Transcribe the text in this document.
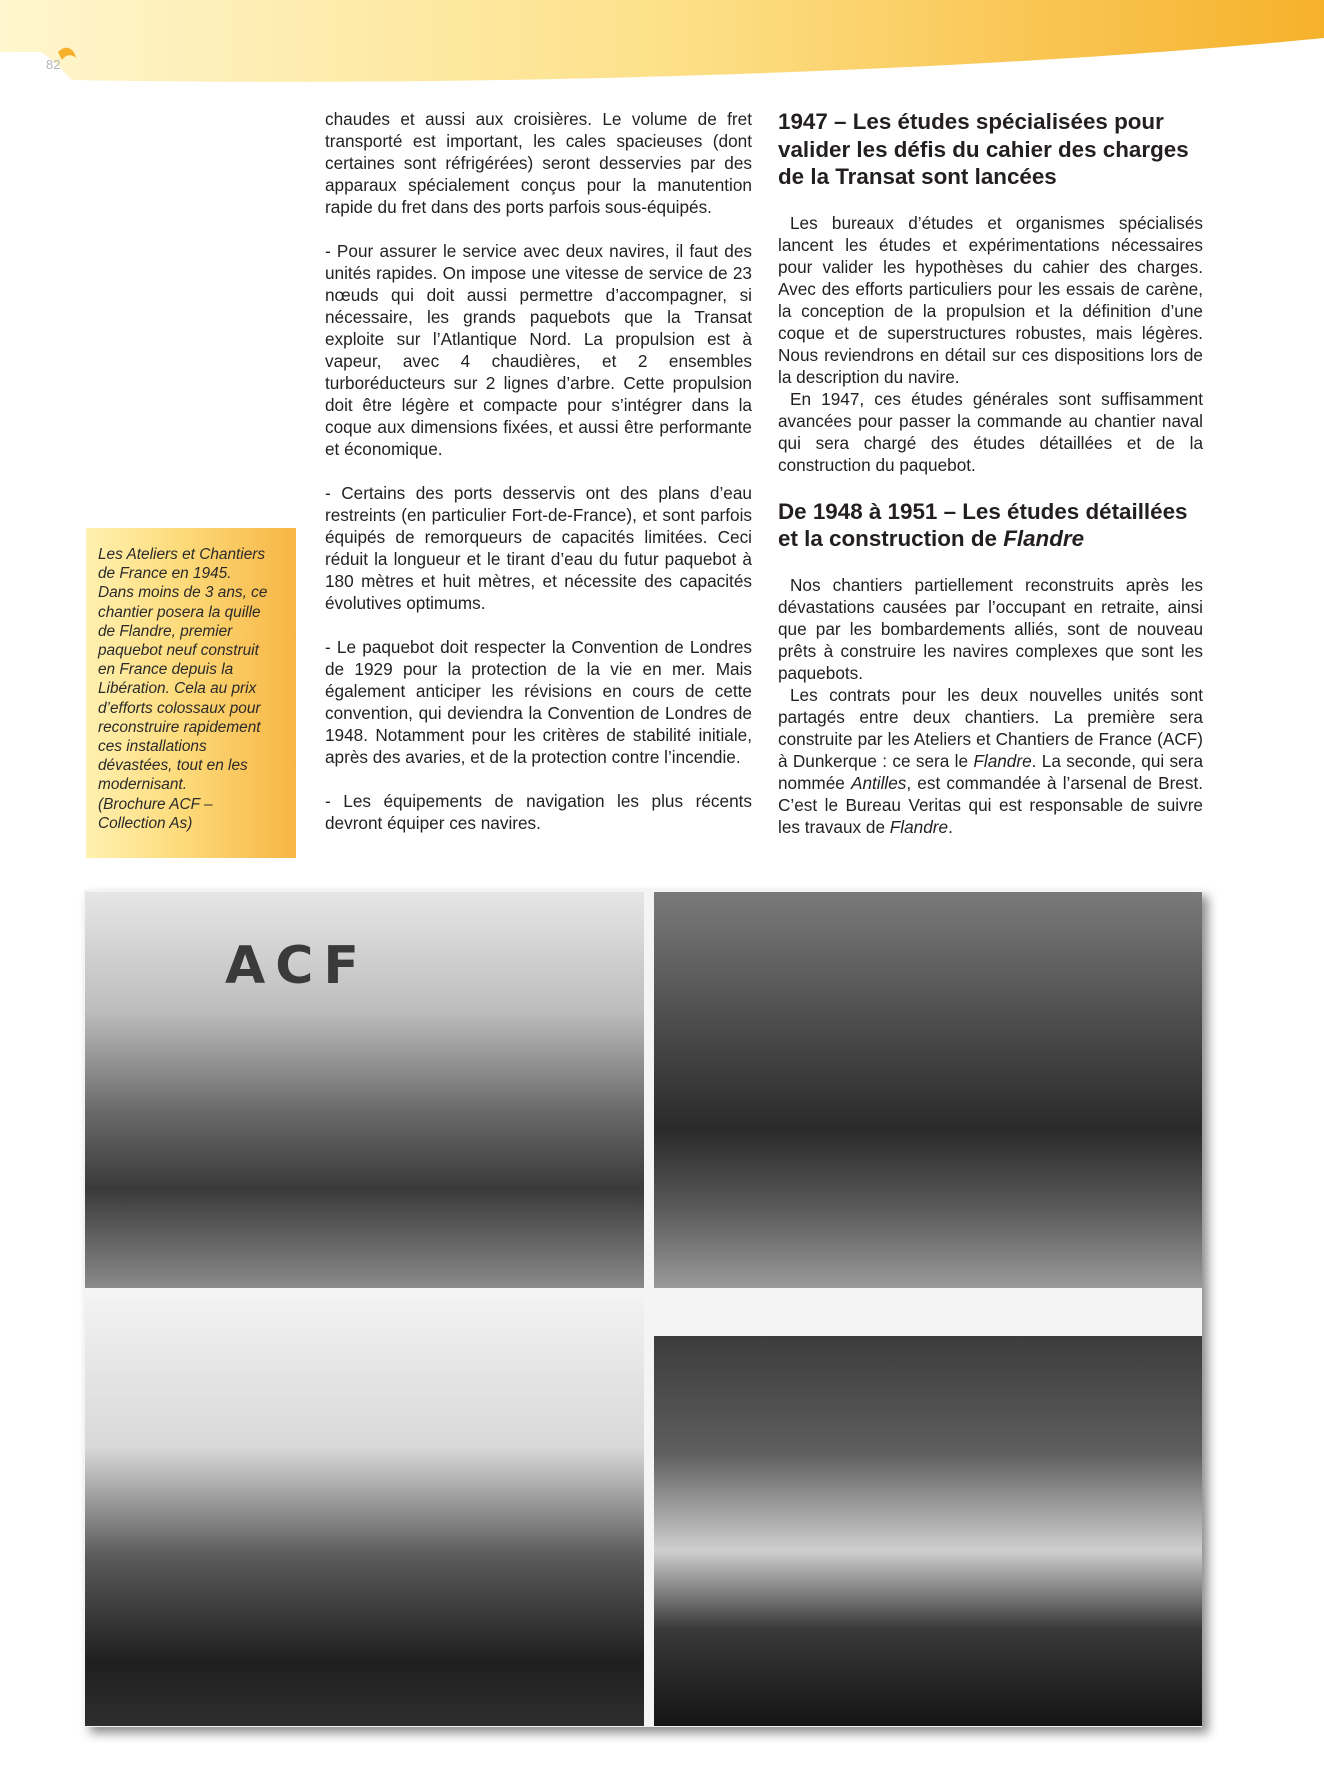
82

Les Ateliers et Chantiers
de France en 1945.
Dans moins de 3 ans, ce
chantier posera la quille
de Flandre, premier
paquebot neuf construit
en France depuis la
Libération. Cela au prix
d’efforts colossaux pour
reconstruire rapidement
ces installations
dévastées, tout en les
modernisant.
(Brochure ACF –
Collection As)

chaudes et aussi aux croisières. Le volume de fret transporté est important, les cales spacieuses (dont certaines sont réfrigérées) seront desservies par des apparaux spécialement conçus pour la manutention rapide du fret dans des ports parfois sous-équipés.

- Pour assurer le service avec deux navires, il faut des unités rapides. On impose une vitesse de service de 23 nœuds qui doit aussi permettre d’accompagner, si nécessaire, les grands paquebots que la Transat exploite sur l’Atlantique Nord. La propulsion est à vapeur, avec 4 chaudières, et 2 ensembles turboréducteurs sur 2 lignes d’arbre. Cette propulsion doit être légère et compacte pour s’intégrer dans la coque aux dimensions fixées, et aussi être performante et économique.

- Certains des ports desservis ont des plans d’eau restreints (en particulier Fort-de-France), et sont parfois équipés de remorqueurs de capacités limitées. Ceci réduit la longueur et le tirant d’eau du futur paquebot à 180 mètres et huit mètres, et nécessite des capacités évolutives optimums.

- Le paquebot doit respecter la Convention de Londres de 1929 pour la protection de la vie en mer. Mais également anticiper les révisions en cours de cette convention, qui deviendra la Convention de Londres de 1948. Notamment pour les critères de stabilité initiale, après des avaries, et de la protection contre l’incendie.

- Les équipements de navigation les plus récents devront équiper ces navires.

1947 – Les études spécialisées pour valider les défis du cahier des charges de la Transat sont lancées

Les bureaux d’études et organismes spécialisés lancent les études et expérimentations nécessaires pour valider les hypothèses du cahier des charges. Avec des efforts particuliers pour les essais de carène, la conception de la propulsion et la définition d’une coque et de superstructures robustes, mais légères. Nous reviendrons en détail sur ces dispositions lors de la description du navire.

En 1947, ces études générales sont suffisamment avancées pour passer la commande au chantier naval qui sera chargé des études détaillées et de la construction du paquebot.

De 1948 à 1951 – Les études détaillées et la construction de Flandre

Nos chantiers partiellement reconstruits après les dévastations causées par l’occupant en retraite, ainsi que par les bombardements alliés, sont de nouveau prêts à construire les navires complexes que sont les paquebots.

Les contrats pour les deux nouvelles unités sont partagés entre deux chantiers. La première sera construite par les Ateliers et Chantiers de France (ACF) à Dunkerque : ce sera le Flandre. La seconde, qui sera nommée Antilles, est commandée à l’arsenal de Brest. C’est le Bureau Veritas qui est responsable de suivre les travaux de Flandre.

ACF
